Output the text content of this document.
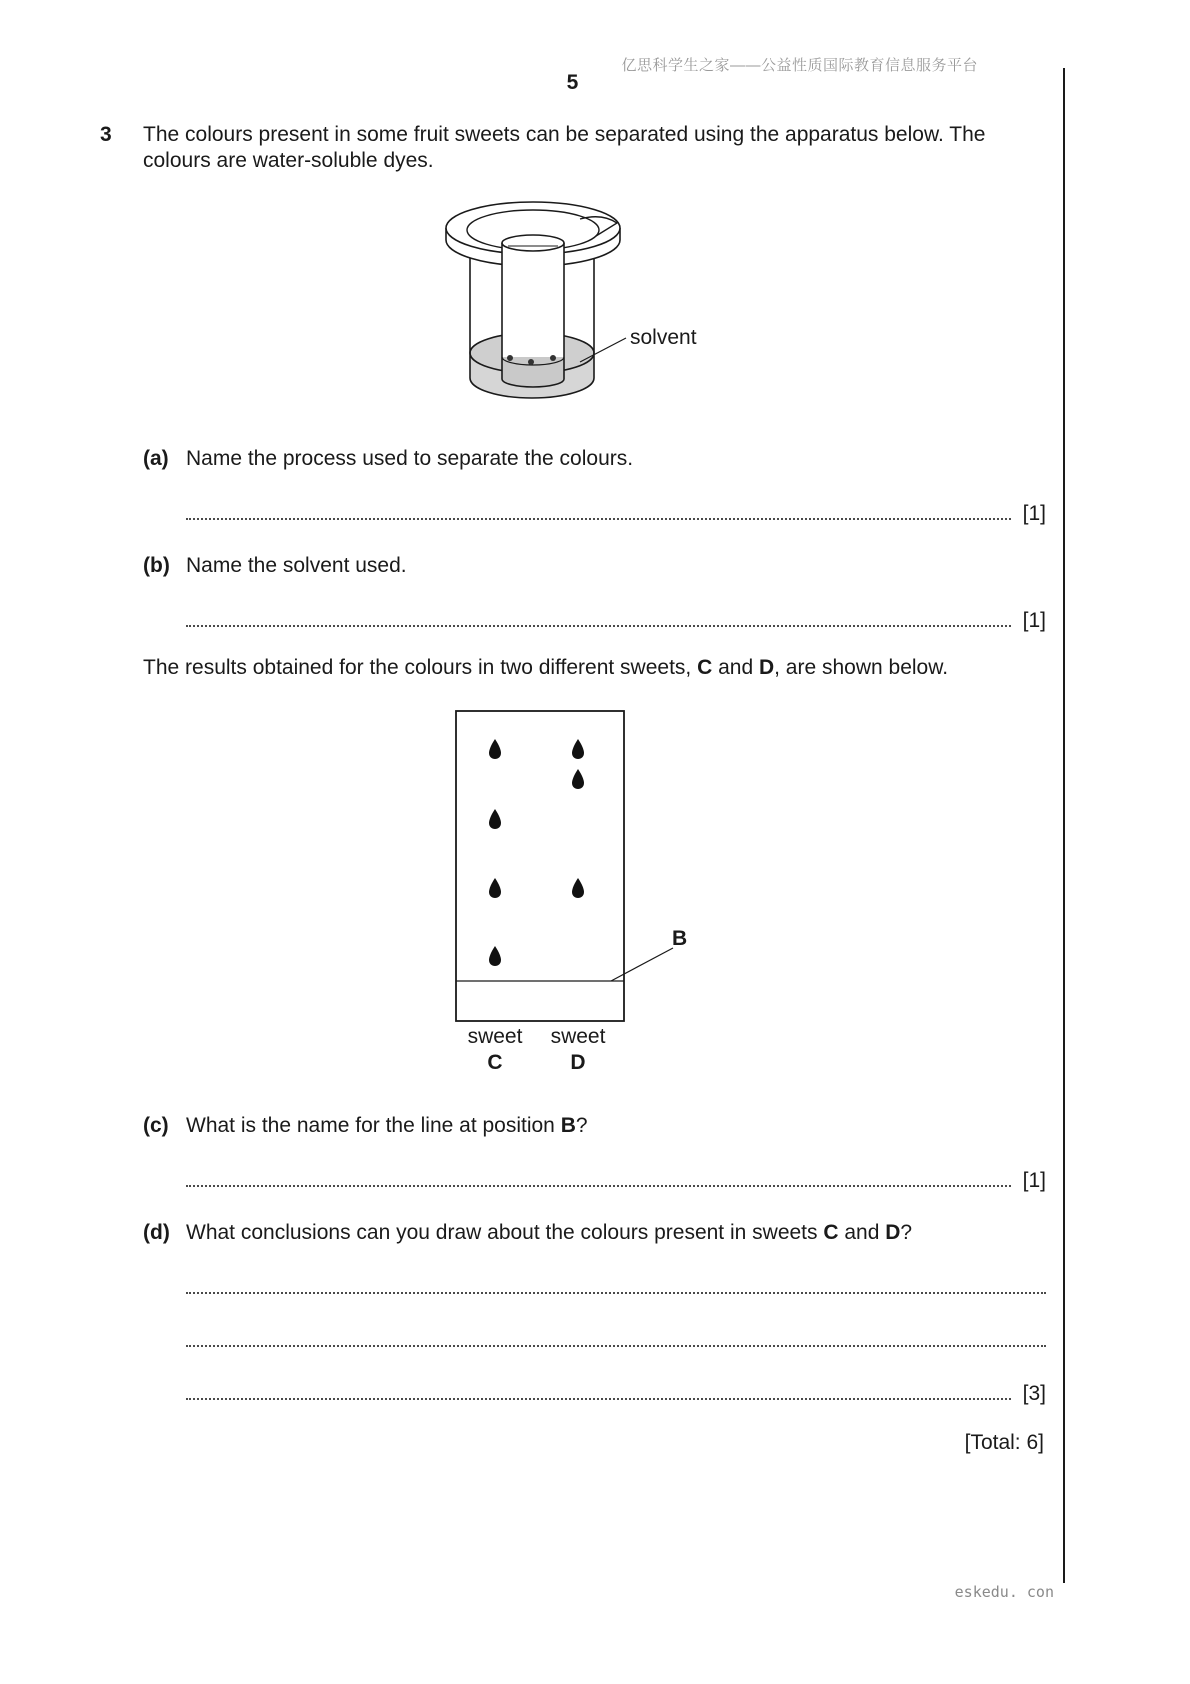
亿思科学生之家——公益性质国际教育信息服务平台
5
3 The colours present in some fruit sweets can be separated using the apparatus below. The colours are water-soluble dyes.
solvent
(a) Name the process used to separate the colours.
[1]
(b) Name the solvent used.
[1]
The results obtained for the colours in two different sweets, C and D, are shown below.
B
sweet
C
sweet
D
(c) What is the name for the line at position B?
[1]
(d) What conclusions can you draw about the colours present in sweets C and D?
[3]
[Total: 6]
eskedu. con
